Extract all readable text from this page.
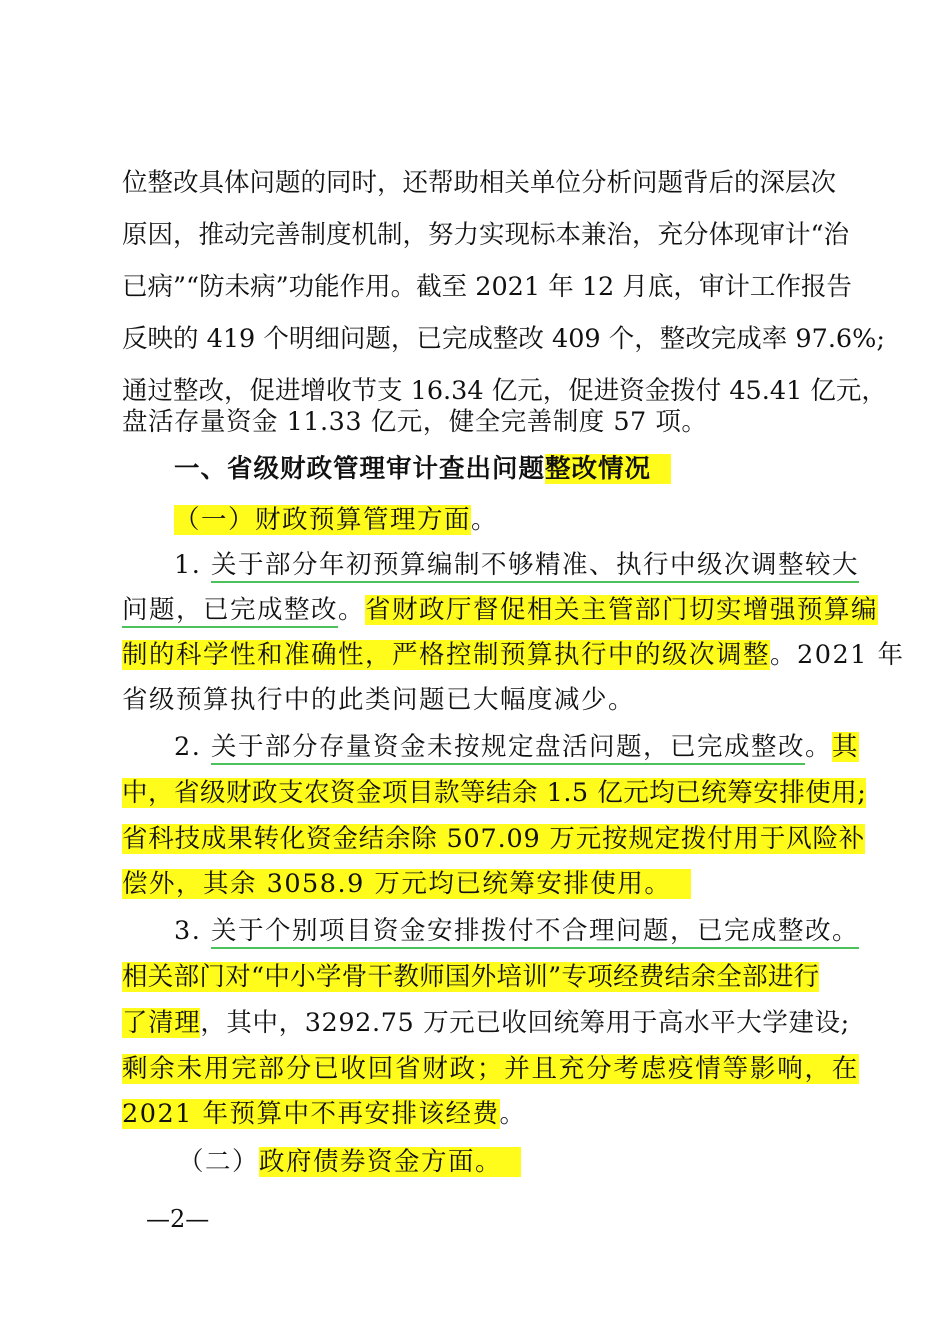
位整改具体问题的同时，还帮助相关单位分析问题背后的深层次
原因，推动完善制度机制，努力实现标本兼治，充分体现审计“治
已病”“防未病”功能作用。截至 2021 年 12 月底，审计工作报告
反映的 419 个明细问题，已完成整改 409 个，整改完成率 97.6%;
通过整改，促进增收节支 16.34 亿元，促进资金拨付 45.41 亿元，
盘活存量资金 11.33 亿元，健全完善制度 57 项。
一、省级财政管理审计查出问题整改情况
（一）财政预算管理方面。
1. 关于部分年初预算编制不够精准、执行中级次调整较大
问题，已完成整改。省财政厅督促相关主管部门切实增强预算编
制的科学性和准确性，严格控制预算执行中的级次调整。2021 年
省级预算执行中的此类问题已大幅度减少。
2. 关于部分存量资金未按规定盘活问题，已完成整改。其
中，省级财政支农资金项目款等结余 1.5 亿元均已统筹安排使用;
省科技成果转化资金结余除 507.09 万元按规定拨付用于风险补
偿外，其余 3058.9 万元均已统筹安排使用。
3. 关于个别项目资金安排拨付不合理问题，已完成整改。
相关部门对“中小学骨干教师国外培训”专项经费结余全部进行
了清理，其中，3292.75 万元已收回统筹用于高水平大学建设;
剩余未用完部分已收回省财政；并且充分考虑疫情等影响，在
2021 年预算中不再安排该经费。
（二）政府债券资金方面。
—2—
